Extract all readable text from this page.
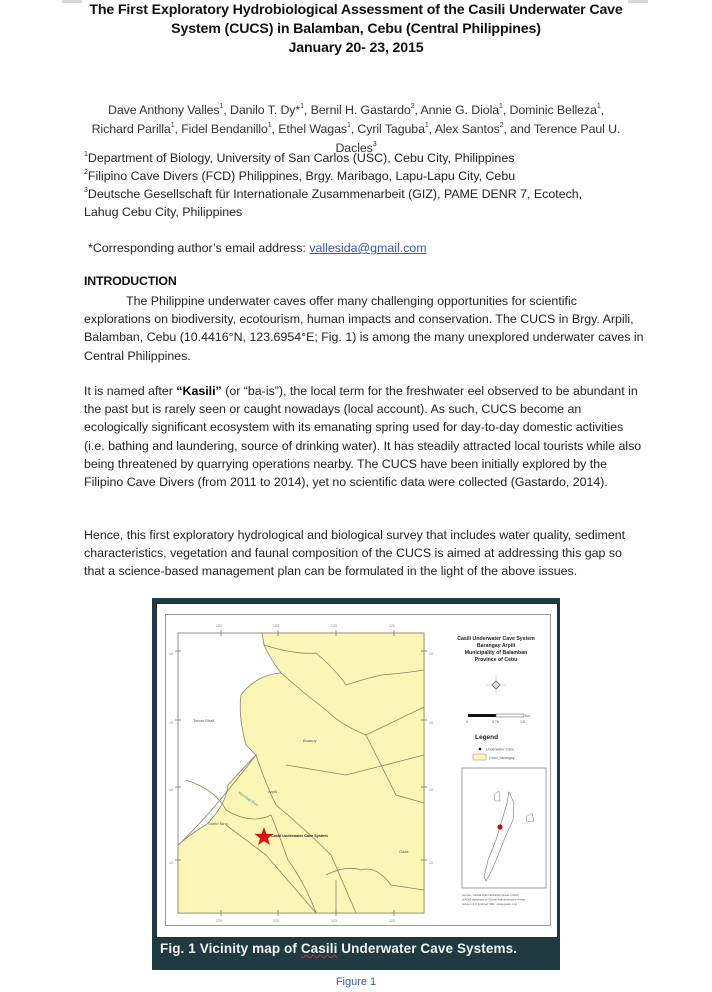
The First Exploratory Hydrobiological Assessment of the Casili Underwater Cave
System (CUCS) in Balamban, Cebu (Central Philippines)
January 20- 23, 2015
Dave Anthony Valles$^1$, Danilo T. Dy*$^1$, Bernil H. Gastardo$^2$, Annie G. Diola$^1$, Dominic Belleza$^1$,
Richard Parilla$^1$, Fidel Bendanillo$^1$, Ethel Wagas$^1$, Cyril Taguba$^1$, Alex Santos$^2$, and Terence Paul U.
Dacles$^3$
$^1$Department of Biology, University of San Carlos (USC), Cebu City, Philippines
$^2$Filipino Cave Divers (FCD) Philippines, Brgy. Maribago, Lapu-Lapu City, Cebu
$^3$Deutsche Gesellschaft für Internationale Zusammenarbeit (GIZ), PAME DENR 7, Ecotech,
Lahug Cebu City, Philippines
*Corresponding author’s email address: vallesida@gmail.com
INTRODUCTION
The Philippine underwater caves offer many challenging opportunities for scientific explorations on biodiversity, ecotourism, human impacts and conservation. The CUCS in Brgy. Arpili, Balamban, Cebu (10.4416°N, 123.6954°E; Fig. 1) is among the many unexplored underwater caves in Central Philippines.
It is named after “Kasili” (or “ba-is”), the local term for the freshwater eel observed to be abundant in the past but is rarely seen or caught nowadays (local account). As such, CUCS become an ecologically significant ecosystem with its emanating spring used for day-to-day domestic activities (i.e. bathing and laundering, source of drinking water). It has steadily attracted local tourists while also being threatened by quarrying operations nearby. The CUCS have been initially explored by the Filipino Cave Divers (from 2011 to 2014), yet no scientific data were collected (Gastardo, 2014).
Hence, this first exploratory hydrological and biological survey that includes water quality, sediment characteristics, vegetation and faunal composition of the CUCS is aimed at addressing this gap so that a science-based management plan can be formulated in the light of the above issues.
123	123	123	123
123	123	123	123
10
10
10
10
10
10
10
10
Tanon Strait
Buanoy
Arpili
Santo Nino
Gaas
Municipal River
Casili Underwater Cave System
Casili Underwater Cave System
Barangay Arpili
Municipality of Balamban
Province of Cebu
0	0.75	1.5
Km
Legend
Underwater Cave
Cebu_barangay
source: Global Administrative Areas (2012).
GADM database of Global Administrative Areas,
version 2.0. [online] URL: www.gadm.org.
Fig. 1 Vicinity map of Casili Underwater Cave Systems.
Figure 1
